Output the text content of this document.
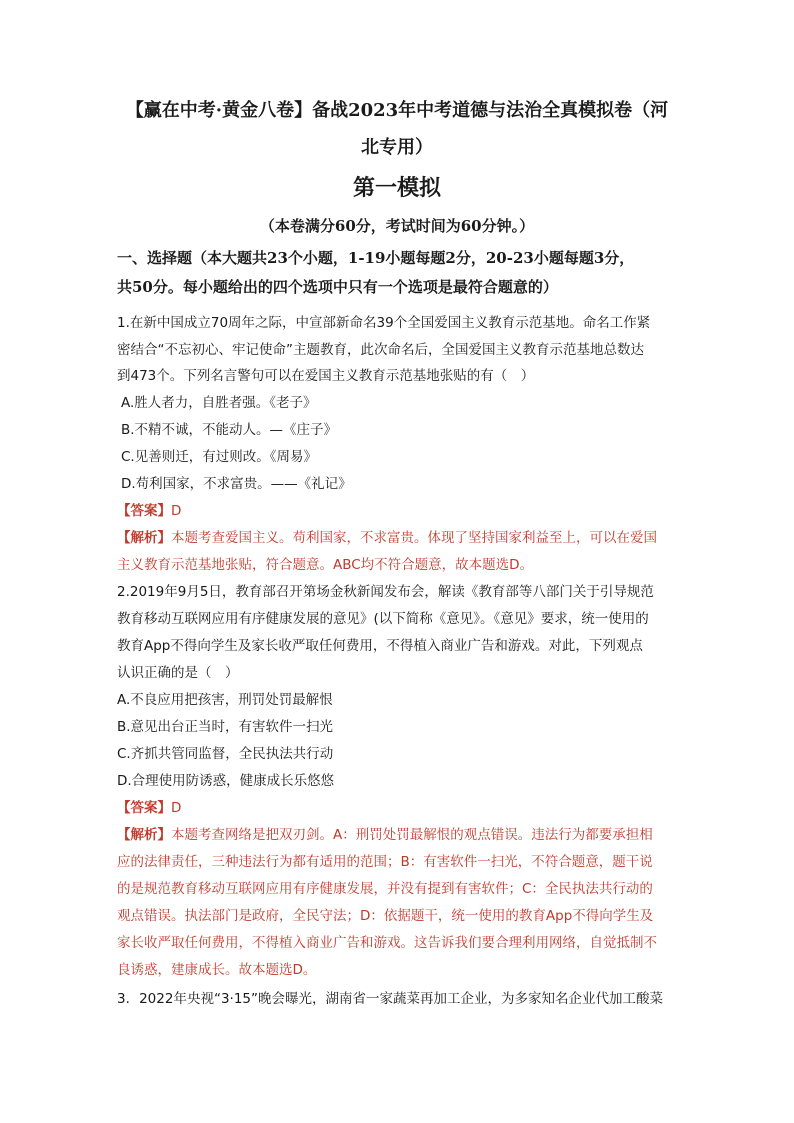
【赢在中考·黄金八卷】备战2023年中考道德与法治全真模拟卷（河
北专用）
第一模拟
（本卷满分60分，考试时间为60分钟。）
一、选择题（本大题共23个小题，1-19小题每题2分，20-23小题每题3分，
共50分。每小题给出的四个选项中只有一个选项是最符合题意的）
1.在新中国成立70周年之际，中宣部新命名39个全国爱国主义教育示范基地。命名工作紧
密结合“不忘初心、牢记使命”主题教育，此次命名后，全国爱国主义教育示范基地总数达
到473个。下列名言警句可以在爱国主义教育示范基地张贴的有（　）
A.胜人者力，自胜者强。《老子》
B.不精不诚，不能动人。—《庄子》
C.见善则迁，有过则改。《周易》
D.苟利国家，不求富贵。——《礼记》
【答案】D
【解析】本题考查爱国主义。苟利国家，不求富贵。体现了坚持国家利益至上，可以在爱国
主义教育示范基地张贴，符合题意。ABC均不符合题意，故本题选D。
2.2019年9月5日，教育部召开第场金秋新闻发布会，解读《教育部等八部门关于引导规范
教育移动互联网应用有序健康发展的意见》(以下简称《意见》。《意见》要求，统一使用的
教育App不得向学生及家长收严取任何费用，不得植入商业广告和游戏。对此，下列观点
认识正确的是（　）
A.不良应用把孩害，刑罚处罚最解恨
B.意见出台正当时，有害软件一扫光
C.齐抓共管同监督，全民执法共行动
D.合理使用防诱惑，健康成长乐悠悠
【答案】D
【解析】本题考查网络是把双刃剑。A：刑罚处罚最解恨的观点错误。违法行为都要承担相
应的法律责任，三种违法行为都有适用的范围；B：有害软件一扫光，不符合题意，题干说
的是规范教育移动互联网应用有序健康发展，并没有提到有害软件；C：全民执法共行动的
观点错误。执法部门是政府，全民守法；D：依据题干，统一使用的教育App不得向学生及
家长收严取任何费用，不得植入商业广告和游戏。这告诉我们要合理利用网络，自觉抵制不
良诱惑，建康成长。故本题选D。
3．2022年央视“3·15”晚会曝光，湖南省一家蔬菜再加工企业，为多家知名企业代加工酸菜
